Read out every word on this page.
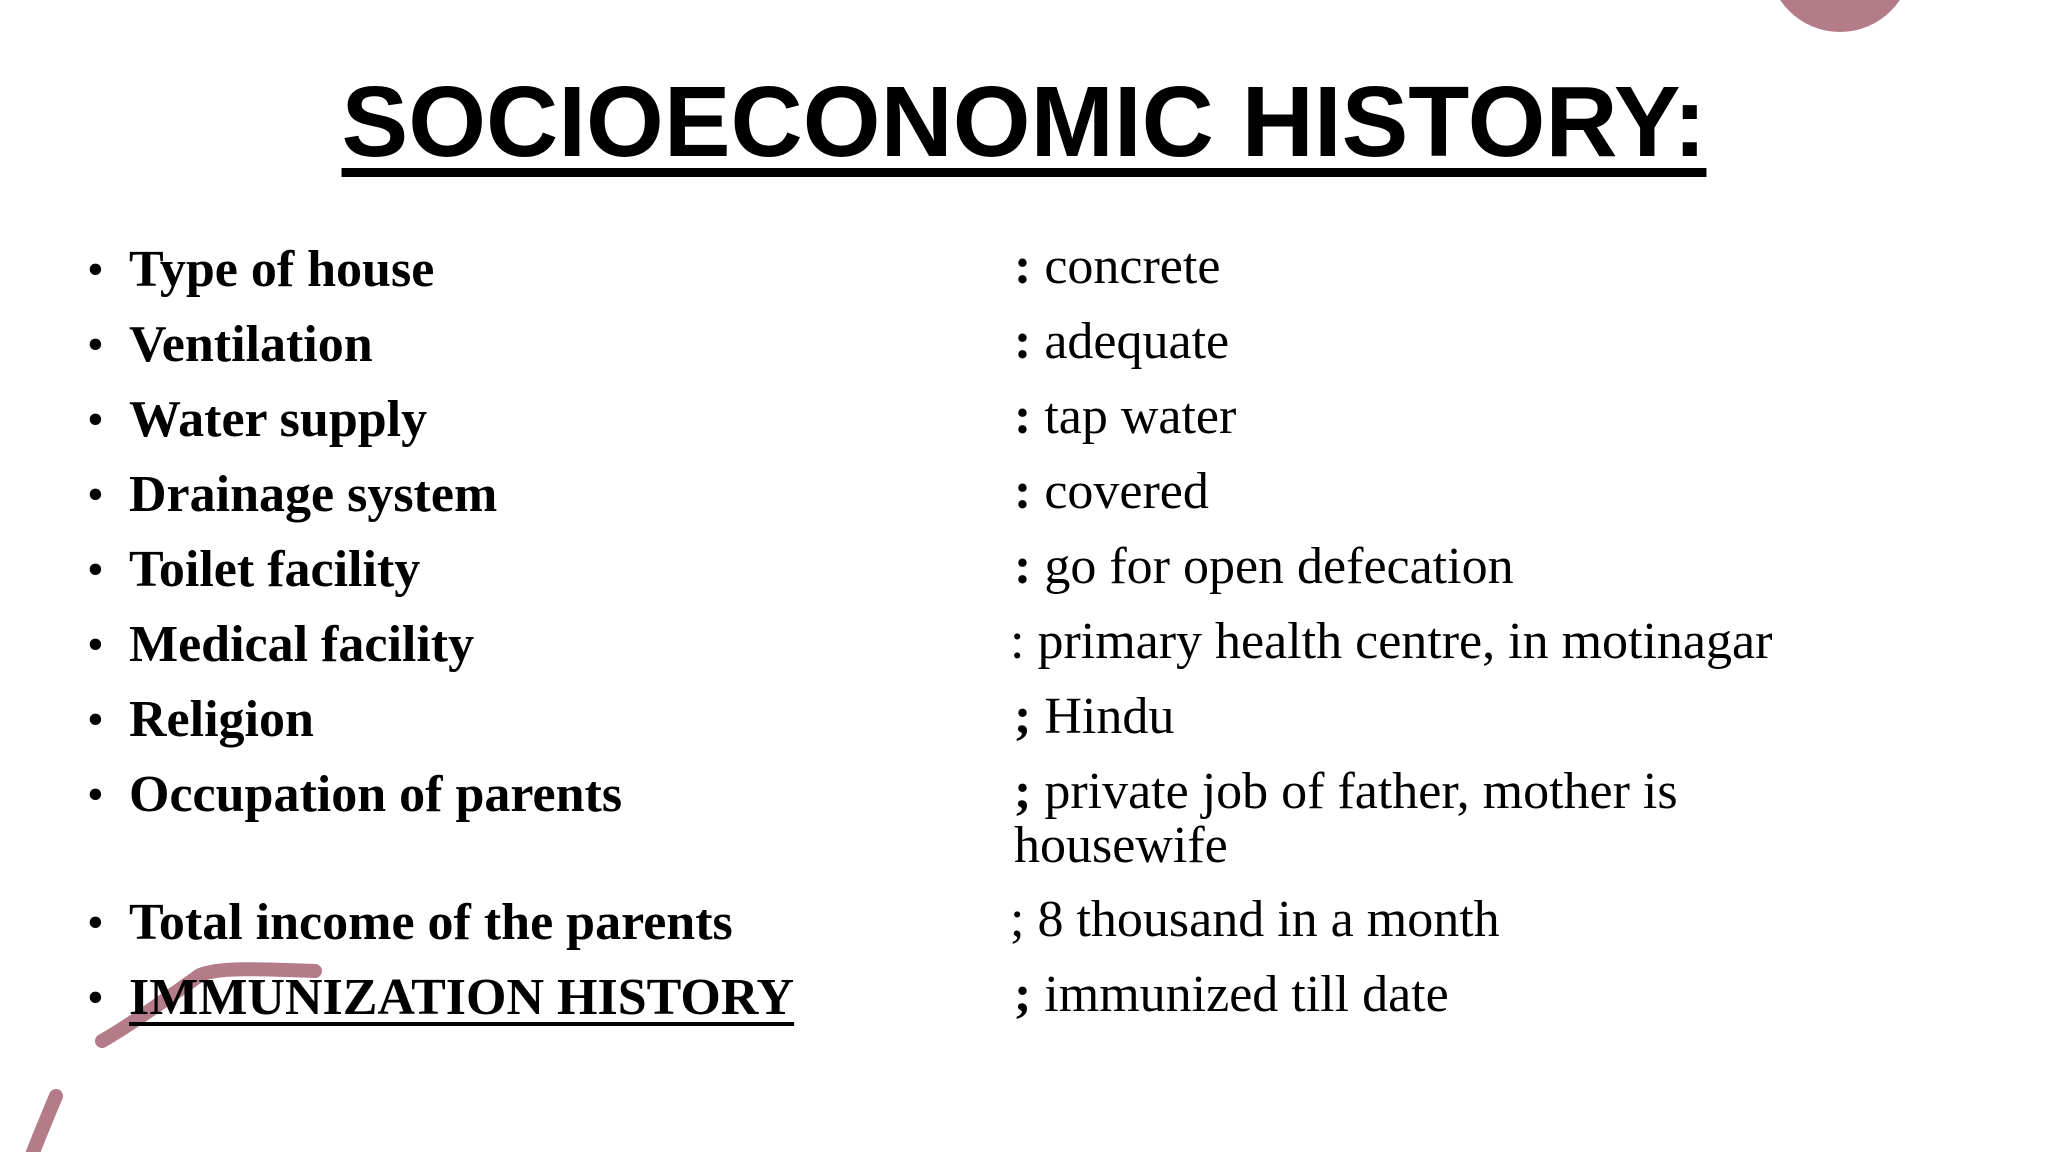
SOCIOECONOMIC HISTORY:
• Type of house	: concrete
• Ventilation	: adequate
• Water supply	: tap water
• Drainage system	: covered
• Toilet facility	: go for open defecation
• Medical facility	: primary health centre, in motinagar
• Religion	; Hindu
• Occupation of parents	; private job of father, mother is housewife
• Total income of the parents	; 8 thousand in a month
• IMMUNIZATION HISTORY	; immunized till date
